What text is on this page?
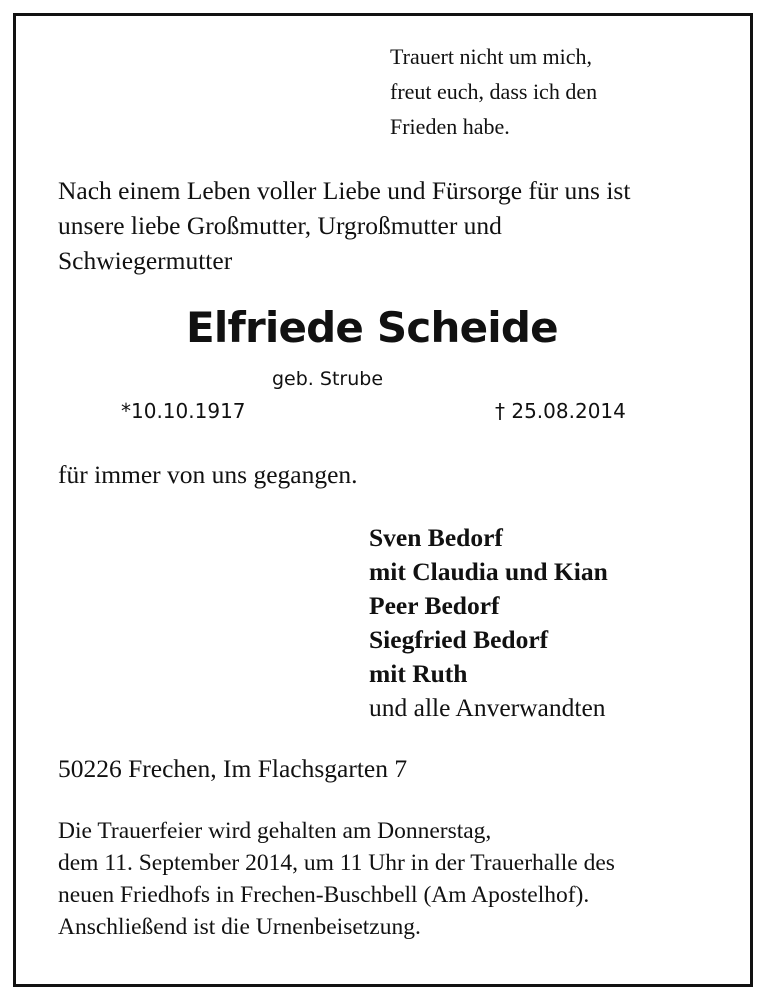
Trauert nicht um mich,
freut euch, dass ich den
Frieden habe.
Nach einem Leben voller Liebe und Fürsorge für uns ist
unsere liebe Großmutter, Urgroßmutter und
Schwiegermutter
Elfriede Scheide
geb. Strube
*10.10.1917	† 25.08.2014
für immer von uns gegangen.
Sven Bedorf
mit Claudia und Kian
Peer Bedorf
Siegfried Bedorf
mit Ruth
und alle Anverwandten
50226 Frechen, Im Flachsgarten 7
Die Trauerfeier wird gehalten am Donnerstag,
dem 11. September 2014, um 11 Uhr in der Trauerhalle des
neuen Friedhofs in Frechen-Buschbell (Am Apostelhof).
Anschließend ist die Urnenbeisetzung.
